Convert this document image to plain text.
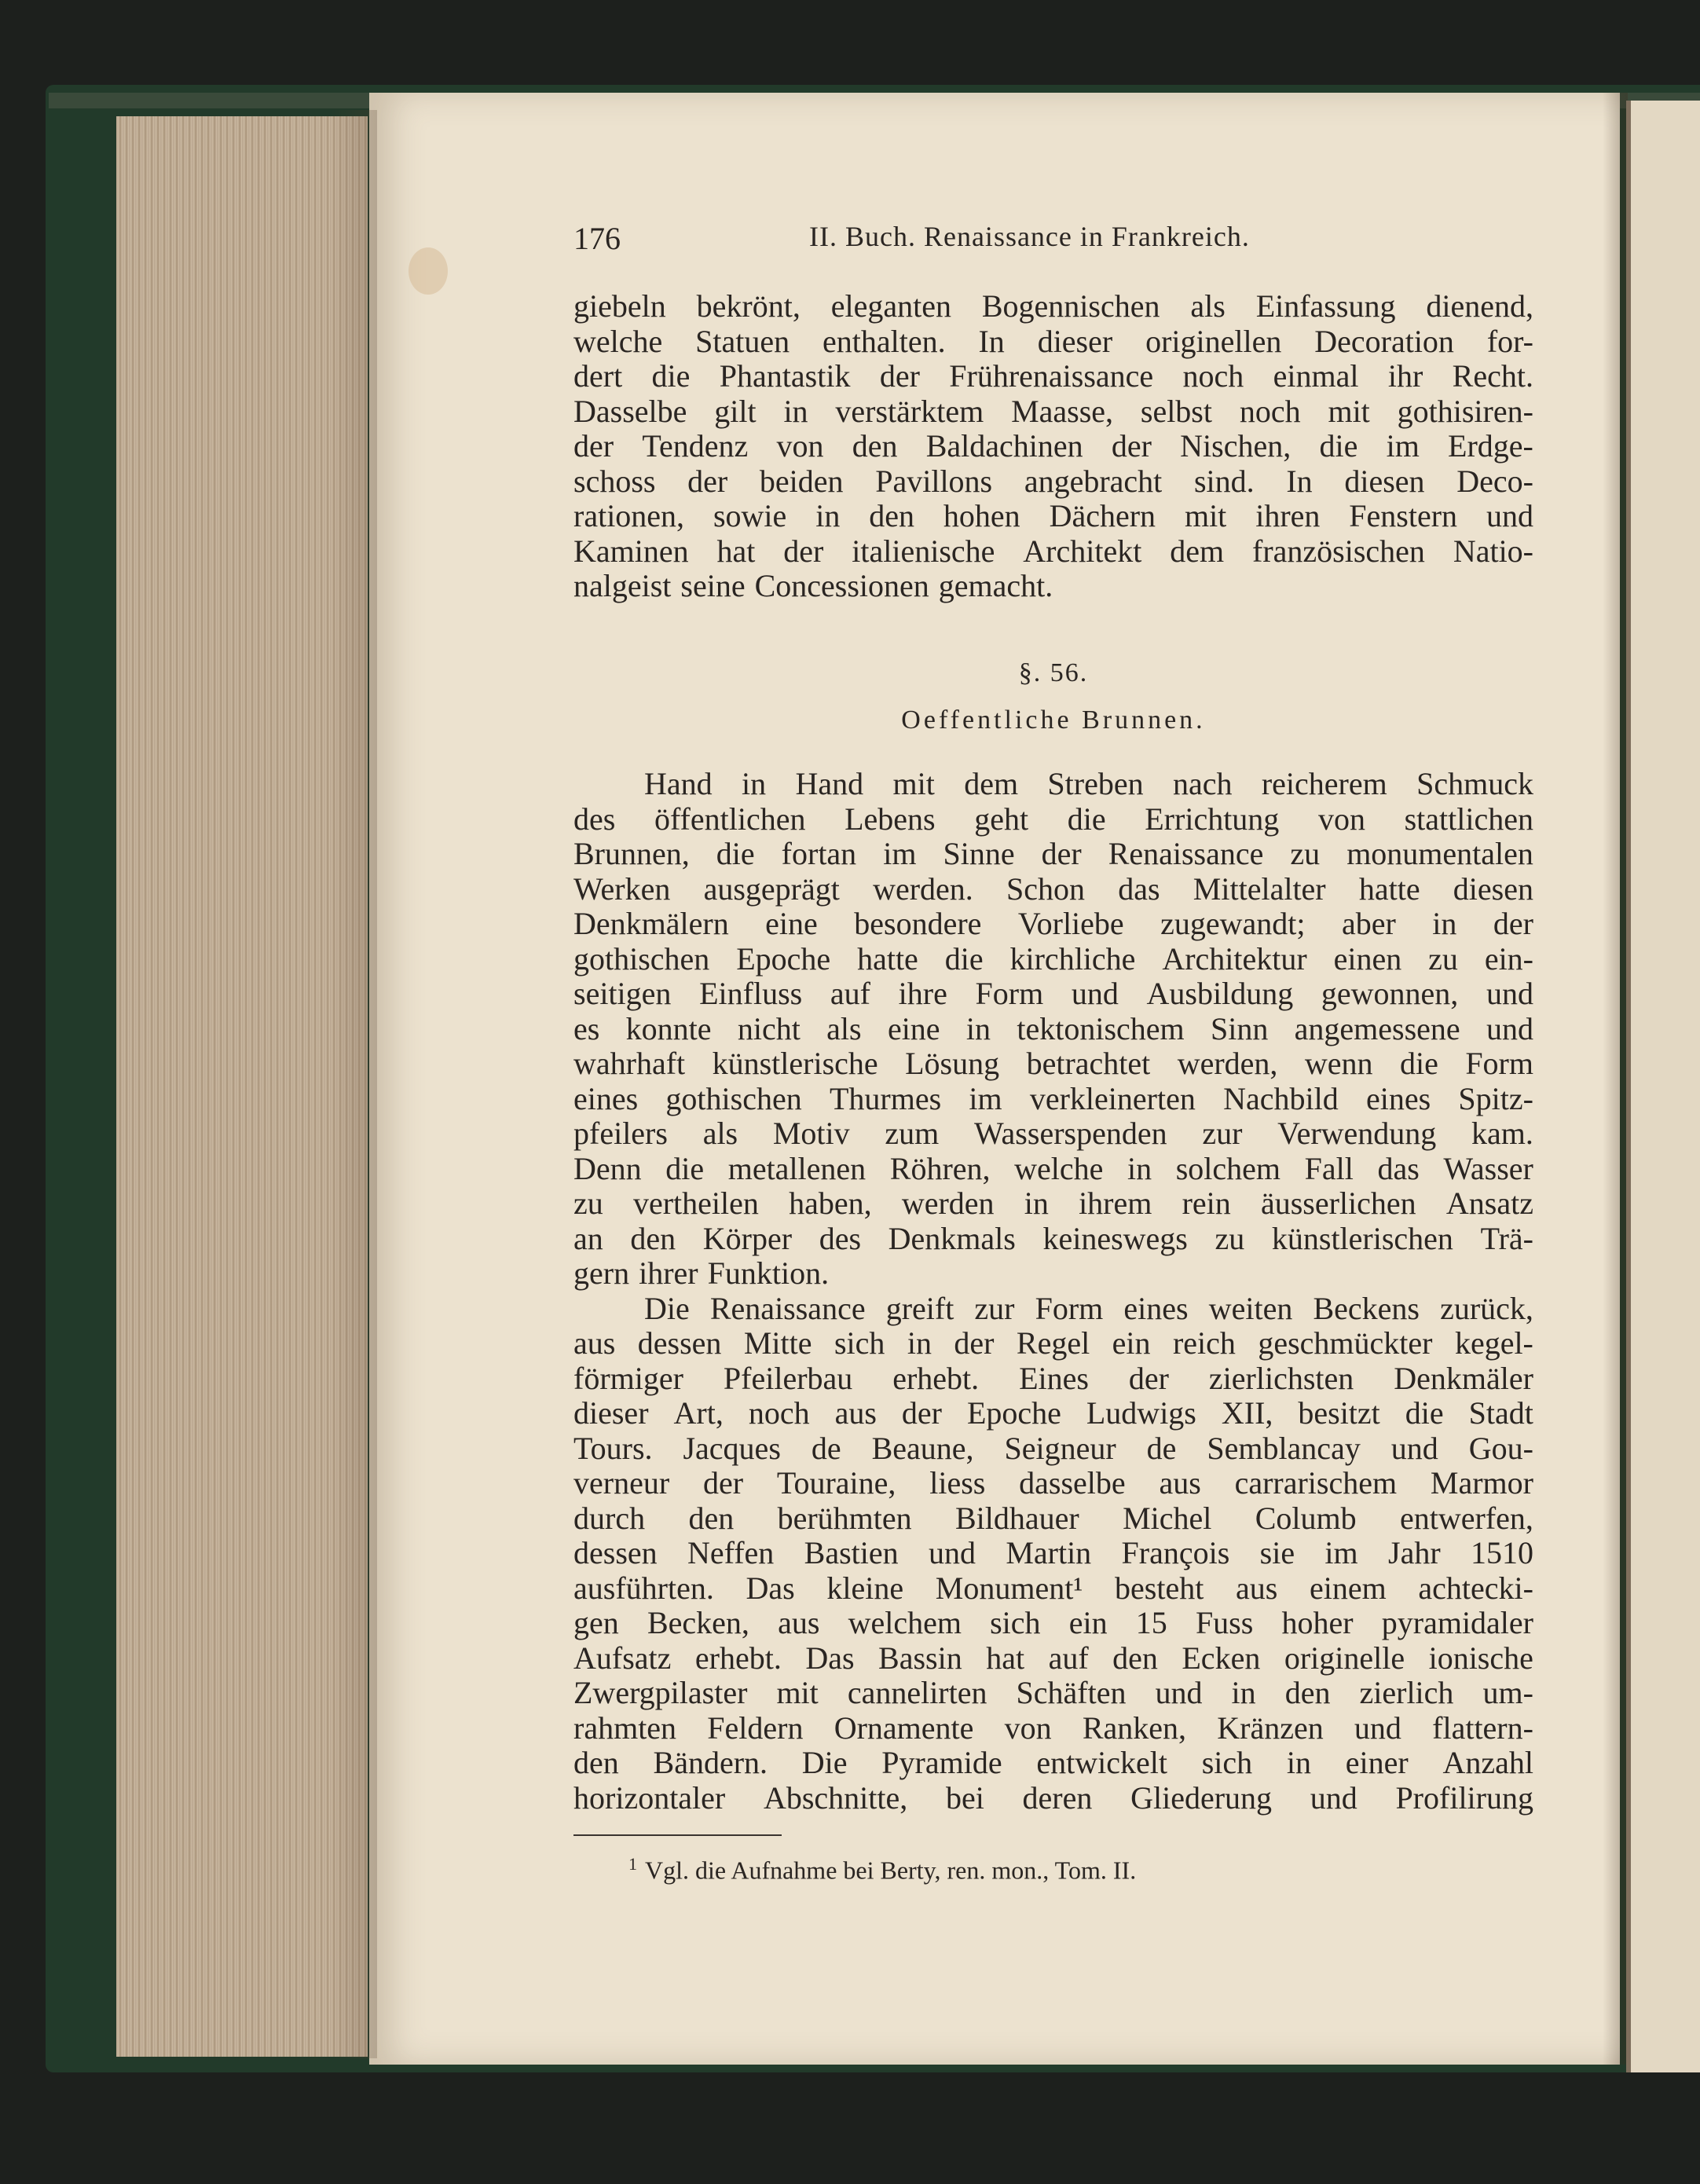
176	II. Buch. Renaissance in Frankreich.
giebeln bekrönt, eleganten Bogennischen als Einfassung dienend,
welche Statuen enthalten. In dieser originellen Decoration for-
dert die Phantastik der Frührenaissance noch einmal ihr Recht.
Dasselbe gilt in verstärktem Maasse, selbst noch mit gothisiren-
der Tendenz von den Baldachinen der Nischen, die im Erdge-
schoss der beiden Pavillons angebracht sind. In diesen Deco-
rationen, sowie in den hohen Dächern mit ihren Fenstern und
Kaminen hat der italienische Architekt dem französischen Natio-
nalgeist seine Concessionen gemacht.
§. 56.
Oeffentliche Brunnen.
Hand in Hand mit dem Streben nach reicherem Schmuck
des öffentlichen Lebens geht die Errichtung von stattlichen
Brunnen, die fortan im Sinne der Renaissance zu monumentalen
Werken ausgeprägt werden. Schon das Mittelalter hatte diesen
Denkmälern eine besondere Vorliebe zugewandt; aber in der
gothischen Epoche hatte die kirchliche Architektur einen zu ein-
seitigen Einfluss auf ihre Form und Ausbildung gewonnen, und
es konnte nicht als eine in tektonischem Sinn angemessene und
wahrhaft künstlerische Lösung betrachtet werden, wenn die Form
eines gothischen Thurmes im verkleinerten Nachbild eines Spitz-
pfeilers als Motiv zum Wasserspenden zur Verwendung kam.
Denn die metallenen Röhren, welche in solchem Fall das Wasser
zu vertheilen haben, werden in ihrem rein äusserlichen Ansatz
an den Körper des Denkmals keineswegs zu künstlerischen Trä-
gern ihrer Funktion.
Die Renaissance greift zur Form eines weiten Beckens zurück,
aus dessen Mitte sich in der Regel ein reich geschmückter kegel-
förmiger Pfeilerbau erhebt. Eines der zierlichsten Denkmäler
dieser Art, noch aus der Epoche Ludwigs XII, besitzt die Stadt
Tours. Jacques de Beaune, Seigneur de Semblancay und Gou-
verneur der Touraine, liess dasselbe aus carrarischem Marmor
durch den berühmten Bildhauer Michel Columb entwerfen,
dessen Neffen Bastien und Martin François sie im Jahr 1510
ausführten. Das kleine Monument¹ besteht aus einem achtecki-
gen Becken, aus welchem sich ein 15 Fuss hoher pyramidaler
Aufsatz erhebt. Das Bassin hat auf den Ecken originelle ionische
Zwergpilaster mit cannelirten Schäften und in den zierlich um-
rahmten Feldern Ornamente von Ranken, Kränzen und flattern-
den Bändern. Die Pyramide entwickelt sich in einer Anzahl
horizontaler Abschnitte, bei deren Gliederung und Profilirung
$^1$ Vgl. die Aufnahme bei Berty, ren. mon., Tom. II.
